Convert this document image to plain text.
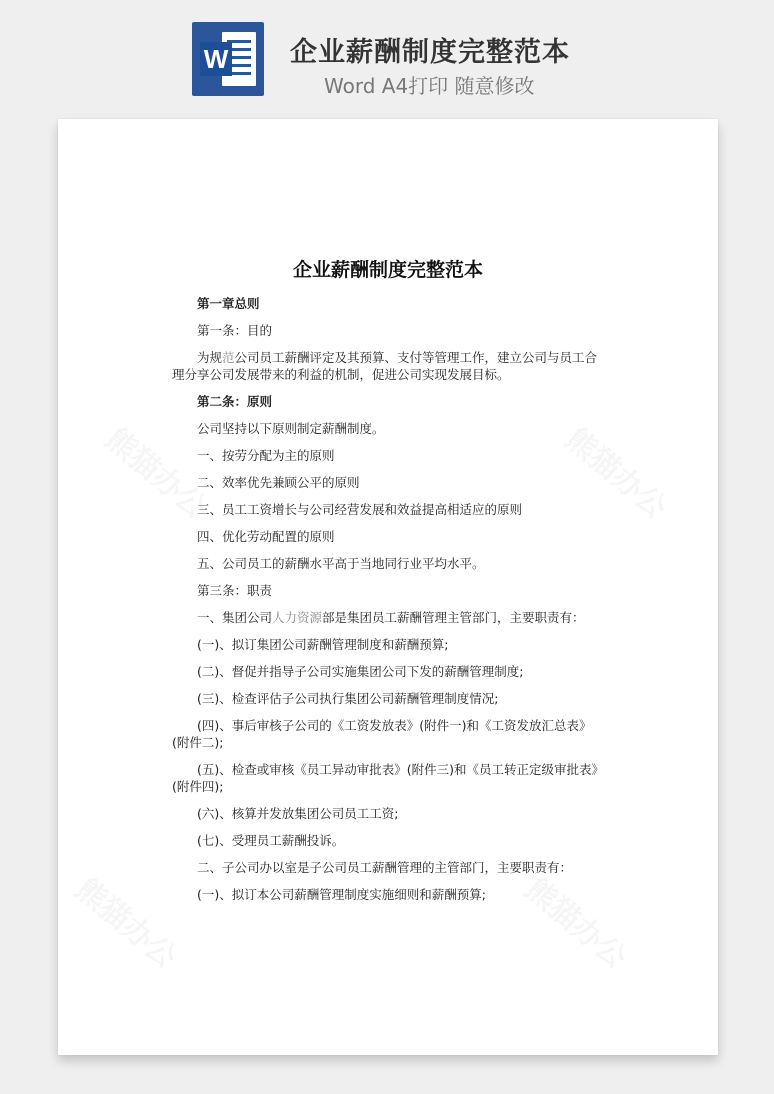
W 企业薪酬制度完整范本
Word A4打印 随意修改
熊猫办公	熊猫办公
熊猫办公	熊猫办公
企业薪酬制度完整范本

第一章总则

第一条：目的

为规范公司员工薪酬评定及其预算、支付等管理工作，建立公司与员工合理分享公司发展带来的利益的机制，促进公司实现发展目标。

第二条：原则

公司坚持以下原则制定薪酬制度。

一、按劳分配为主的原则

二、效率优先兼顾公平的原则

三、员工工资增长与公司经营发展和效益提高相适应的原则

四、优化劳动配置的原则

五、公司员工的薪酬水平高于当地同行业平均水平。

第三条：职责

一、集团公司人力资源部是集团员工薪酬管理主管部门，主要职责有：

(一)、拟订集团公司薪酬管理制度和薪酬预算;

(二)、督促并指导子公司实施集团公司下发的薪酬管理制度;

(三)、检查评估子公司执行集团公司薪酬管理制度情况;

(四)、事后审核子公司的《工资发放表》(附件一)和《工资发放汇总表》(附件二);

(五)、检查或审核《员工异动审批表》(附件三)和《员工转正定级审批表》(附件四);

(六)、核算并发放集团公司员工工资;

(七)、受理员工薪酬投诉。

二、子公司办以室是子公司员工薪酬管理的主管部门，主要职责有：

(一)、拟订本公司薪酬管理制度实施细则和薪酬预算;
